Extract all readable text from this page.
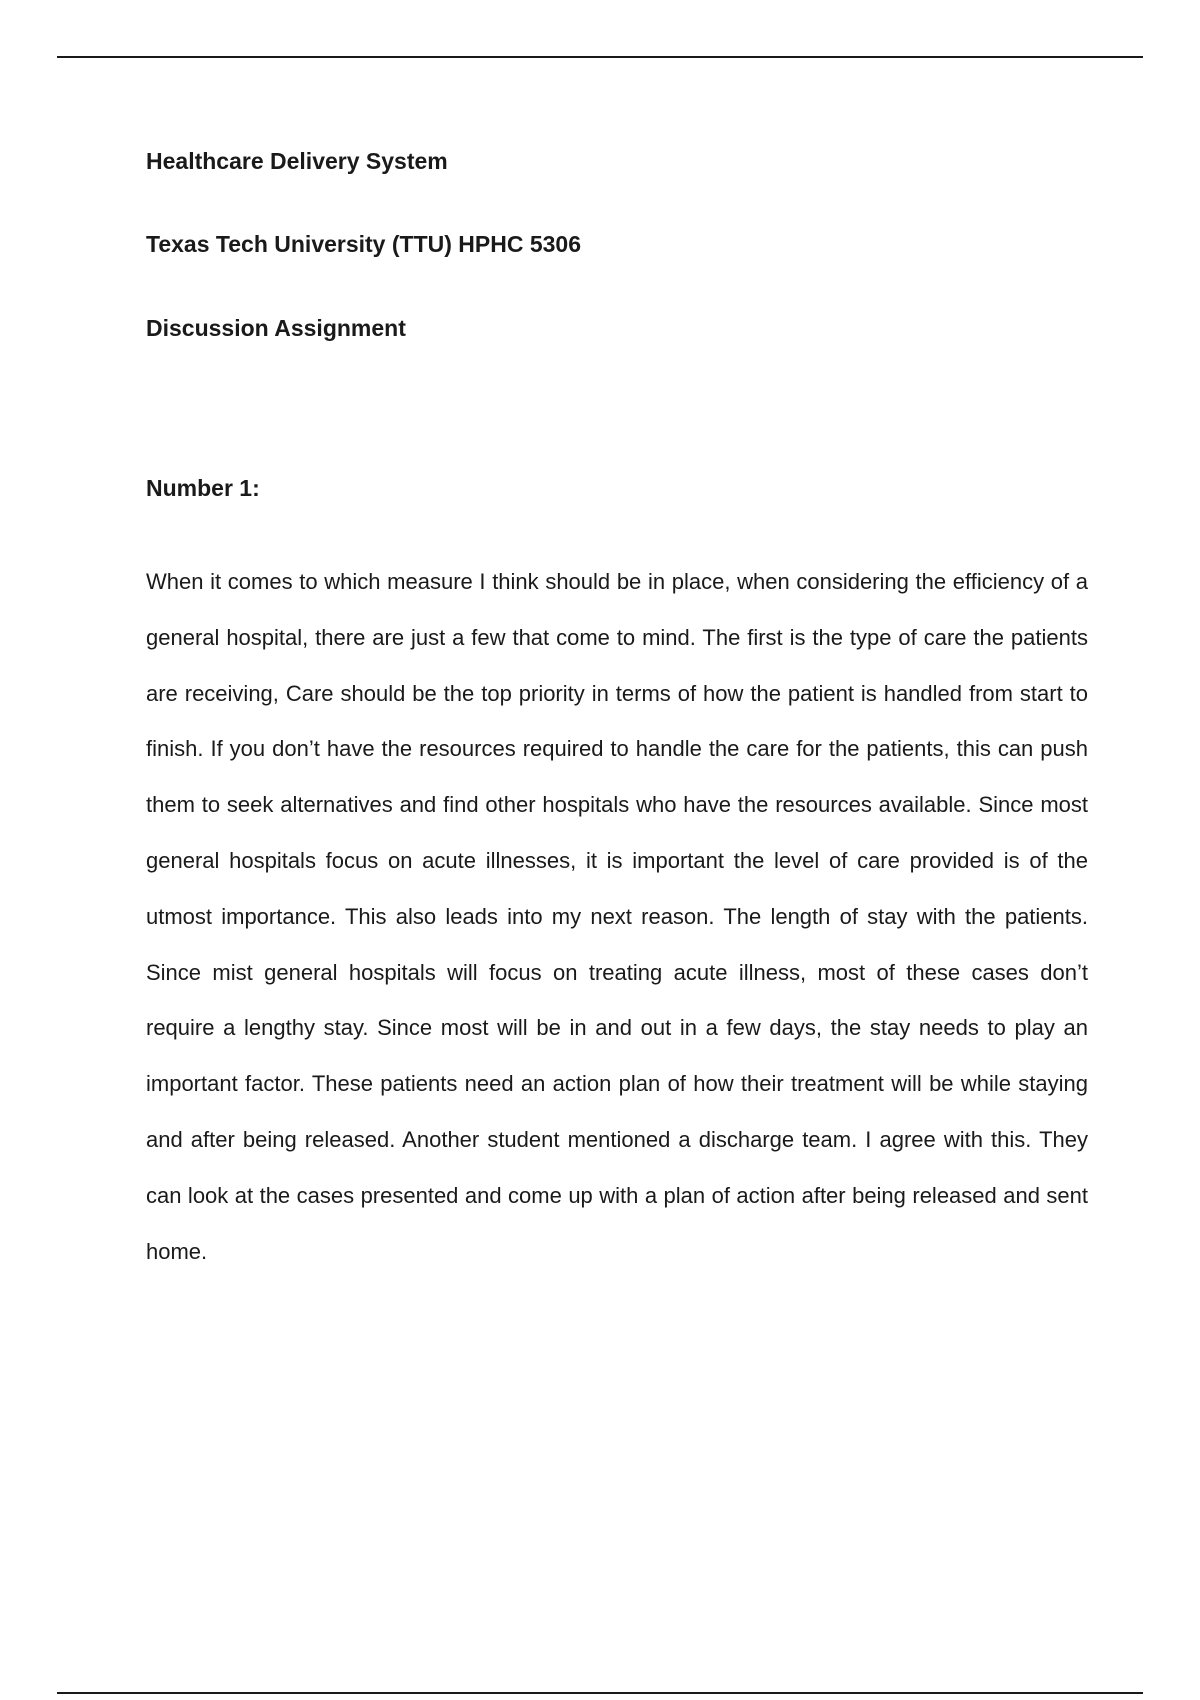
Healthcare Delivery System
Texas Tech University (TTU) HPHC 5306
Discussion Assignment
Number 1:

When it comes to which measure I think should be in place, when considering the efficiency of a general hospital, there are just a few that come to mind. The first is the type of care the patients are receiving, Care should be the top priority in terms of how the patient is handled from start to finish. If you don’t have the resources required to handle the care for the patients, this can push them to seek alternatives and find other hospitals who have the resources available. Since most general hospitals focus on acute illnesses, it is important the level of care provided is of the utmost importance. This also leads into my next reason. The length of stay with the patients. Since mist general hospitals will focus on treating acute illness, most of these cases don’t require a lengthy stay. Since most will be in and out in a few days, the stay needs to play an important factor. These patients need an action plan of how their treatment will be while staying and after being released. Another student mentioned a discharge team. I agree with this. They can look at the cases presented and come up with a plan of action after being released and sent home.
